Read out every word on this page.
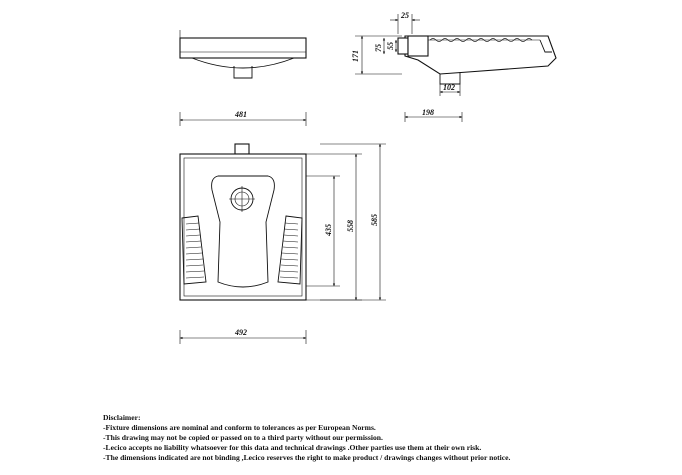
25
171
75 55
102
198
481
435 558 585
492
Disclaimer:
-Fixture dimensions are nominal and conform to tolerances as per European Norms.
-This drawing may not be copied or passed on to a third party without our permission.
-Lecico accepts no liability whatsoever for this data and technical drawings .Other parties use them at their own risk.
-The dimensions indicated are not binding ,Lecico reserves the right to make product / drawings changes without prior notice.
